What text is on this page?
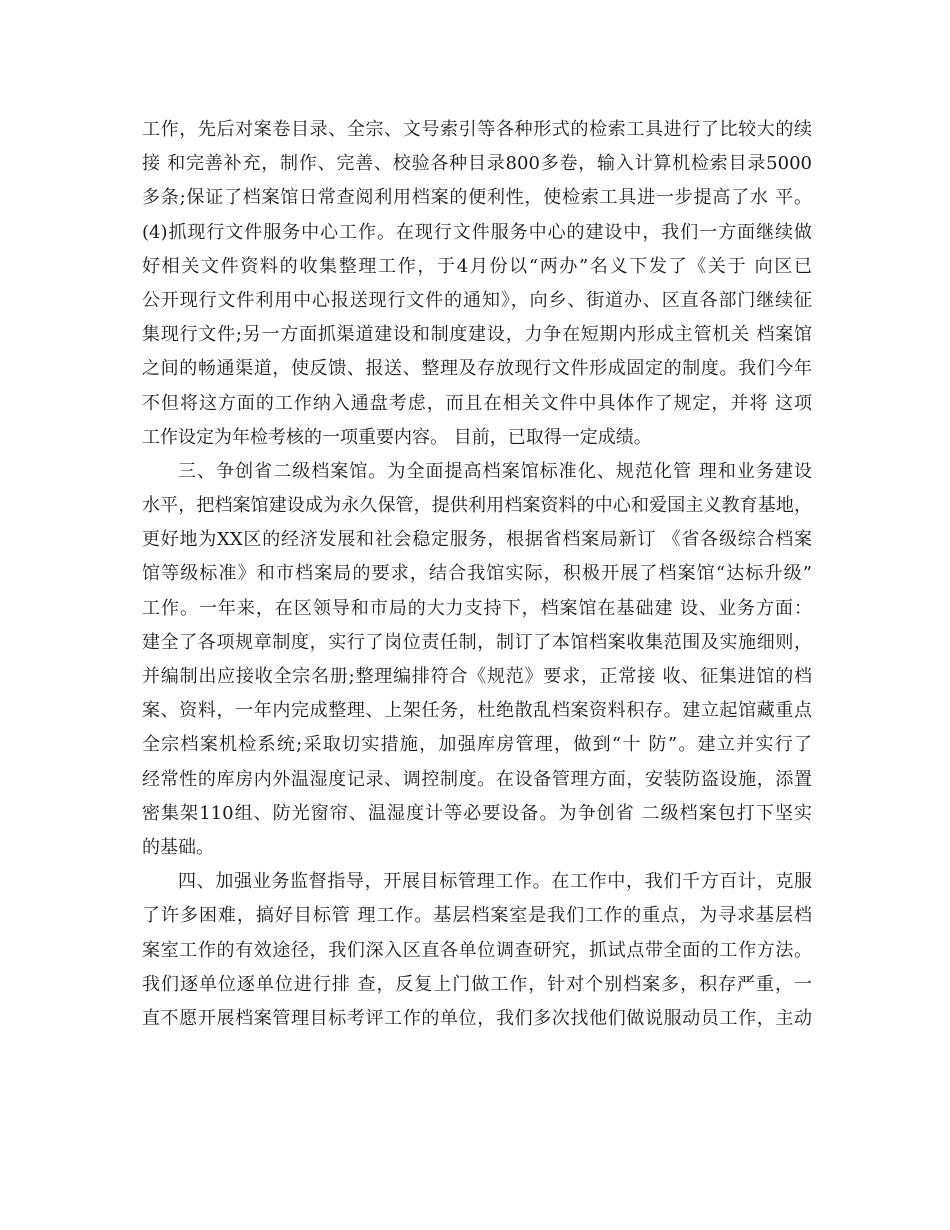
工作，先后对案卷目录、全宗、文号索引等各种形式的检索工具进行了比较大的续
接 和完善补充，制作、完善、校验各种目录800多卷，输入计算机检索目录5000
多条;保证了档案馆日常查阅利用档案的便利性，使检索工具进一步提高了水 平。
(4)抓现行文件服务中心工作。在现行文件服务中心的建设中，我们一方面继续做
好相关文件资料的收集整理工作，于4月份以“两办”名义下发了《关于 向区已
公开现行文件利用中心报送现行文件的通知》，向乡、街道办、区直各部门继续征
集现行文件;另一方面抓渠道建设和制度建设，力争在短期内形成主管机关 档案馆
之间的畅通渠道，使反馈、报送、整理及存放现行文件形成固定的制度。我们今年
不但将这方面的工作纳入通盘考虑，而且在相关文件中具体作了规定，并将 这项
工作设定为年检考核的一项重要内容。 目前，已取得一定成绩。
三、争创省二级档案馆。为全面提高档案馆标准化、规范化管 理和业务建设
水平，把档案馆建设成为永久保管，提供利用档案资料的中心和爱国主义教育基地，
更好地为XX区的经济发展和社会稳定服务，根据省档案局新订 《省各级综合档案
馆等级标准》和市档案局的要求，结合我馆实际，积极开展了档案馆“达标升级”
工作。一年来，在区领导和市局的大力支持下，档案馆在基础建 设、业务方面：
建全了各项规章制度，实行了岗位责任制，制订了本馆档案收集范围及实施细则，
并编制出应接收全宗名册;整理编排符合《规范》要求，正常接 收、征集进馆的档
案、资料，一年内完成整理、上架任务，杜绝散乱档案资料积存。建立起馆藏重点
全宗档案机检系统;采取切实措施，加强库房管理，做到“十 防”。建立并实行了
经常性的库房内外温湿度记录、调控制度。在设备管理方面，安装防盗设施，添置
密集架110组、防光窗帘、温湿度计等必要设备。为争创省 二级档案包打下坚实
的基础。
四、加强业务监督指导，开展目标管理工作。在工作中，我们千方百计，克服
了许多困难，搞好目标管 理工作。基层档案室是我们工作的重点，为寻求基层档
案室工作的有效途径，我们深入区直各单位调查研究，抓试点带全面的工作方法。
我们逐单位逐单位进行排 查，反复上门做工作，针对个别档案多，积存严重，一
直不愿开展档案管理目标考评工作的单位，我们多次找他们做说服动员工作，主动
